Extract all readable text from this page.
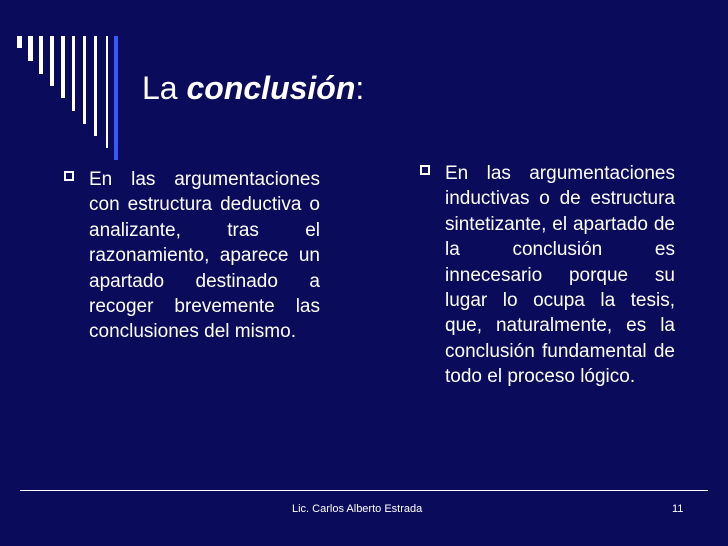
La conclusión:
En las argumentaciones con estructura deductiva o analizante, tras el razonamiento, aparece un apartado destinado a recoger brevemente las conclusiones del mismo.
En las argumentaciones inductivas o de estructura sintetizante, el apartado de la conclusión es innecesario porque su lugar lo ocupa la tesis, que, naturalmente, es la conclusión fundamental de todo el proceso lógico.
Lic. Carlos Alberto Estrada	11
